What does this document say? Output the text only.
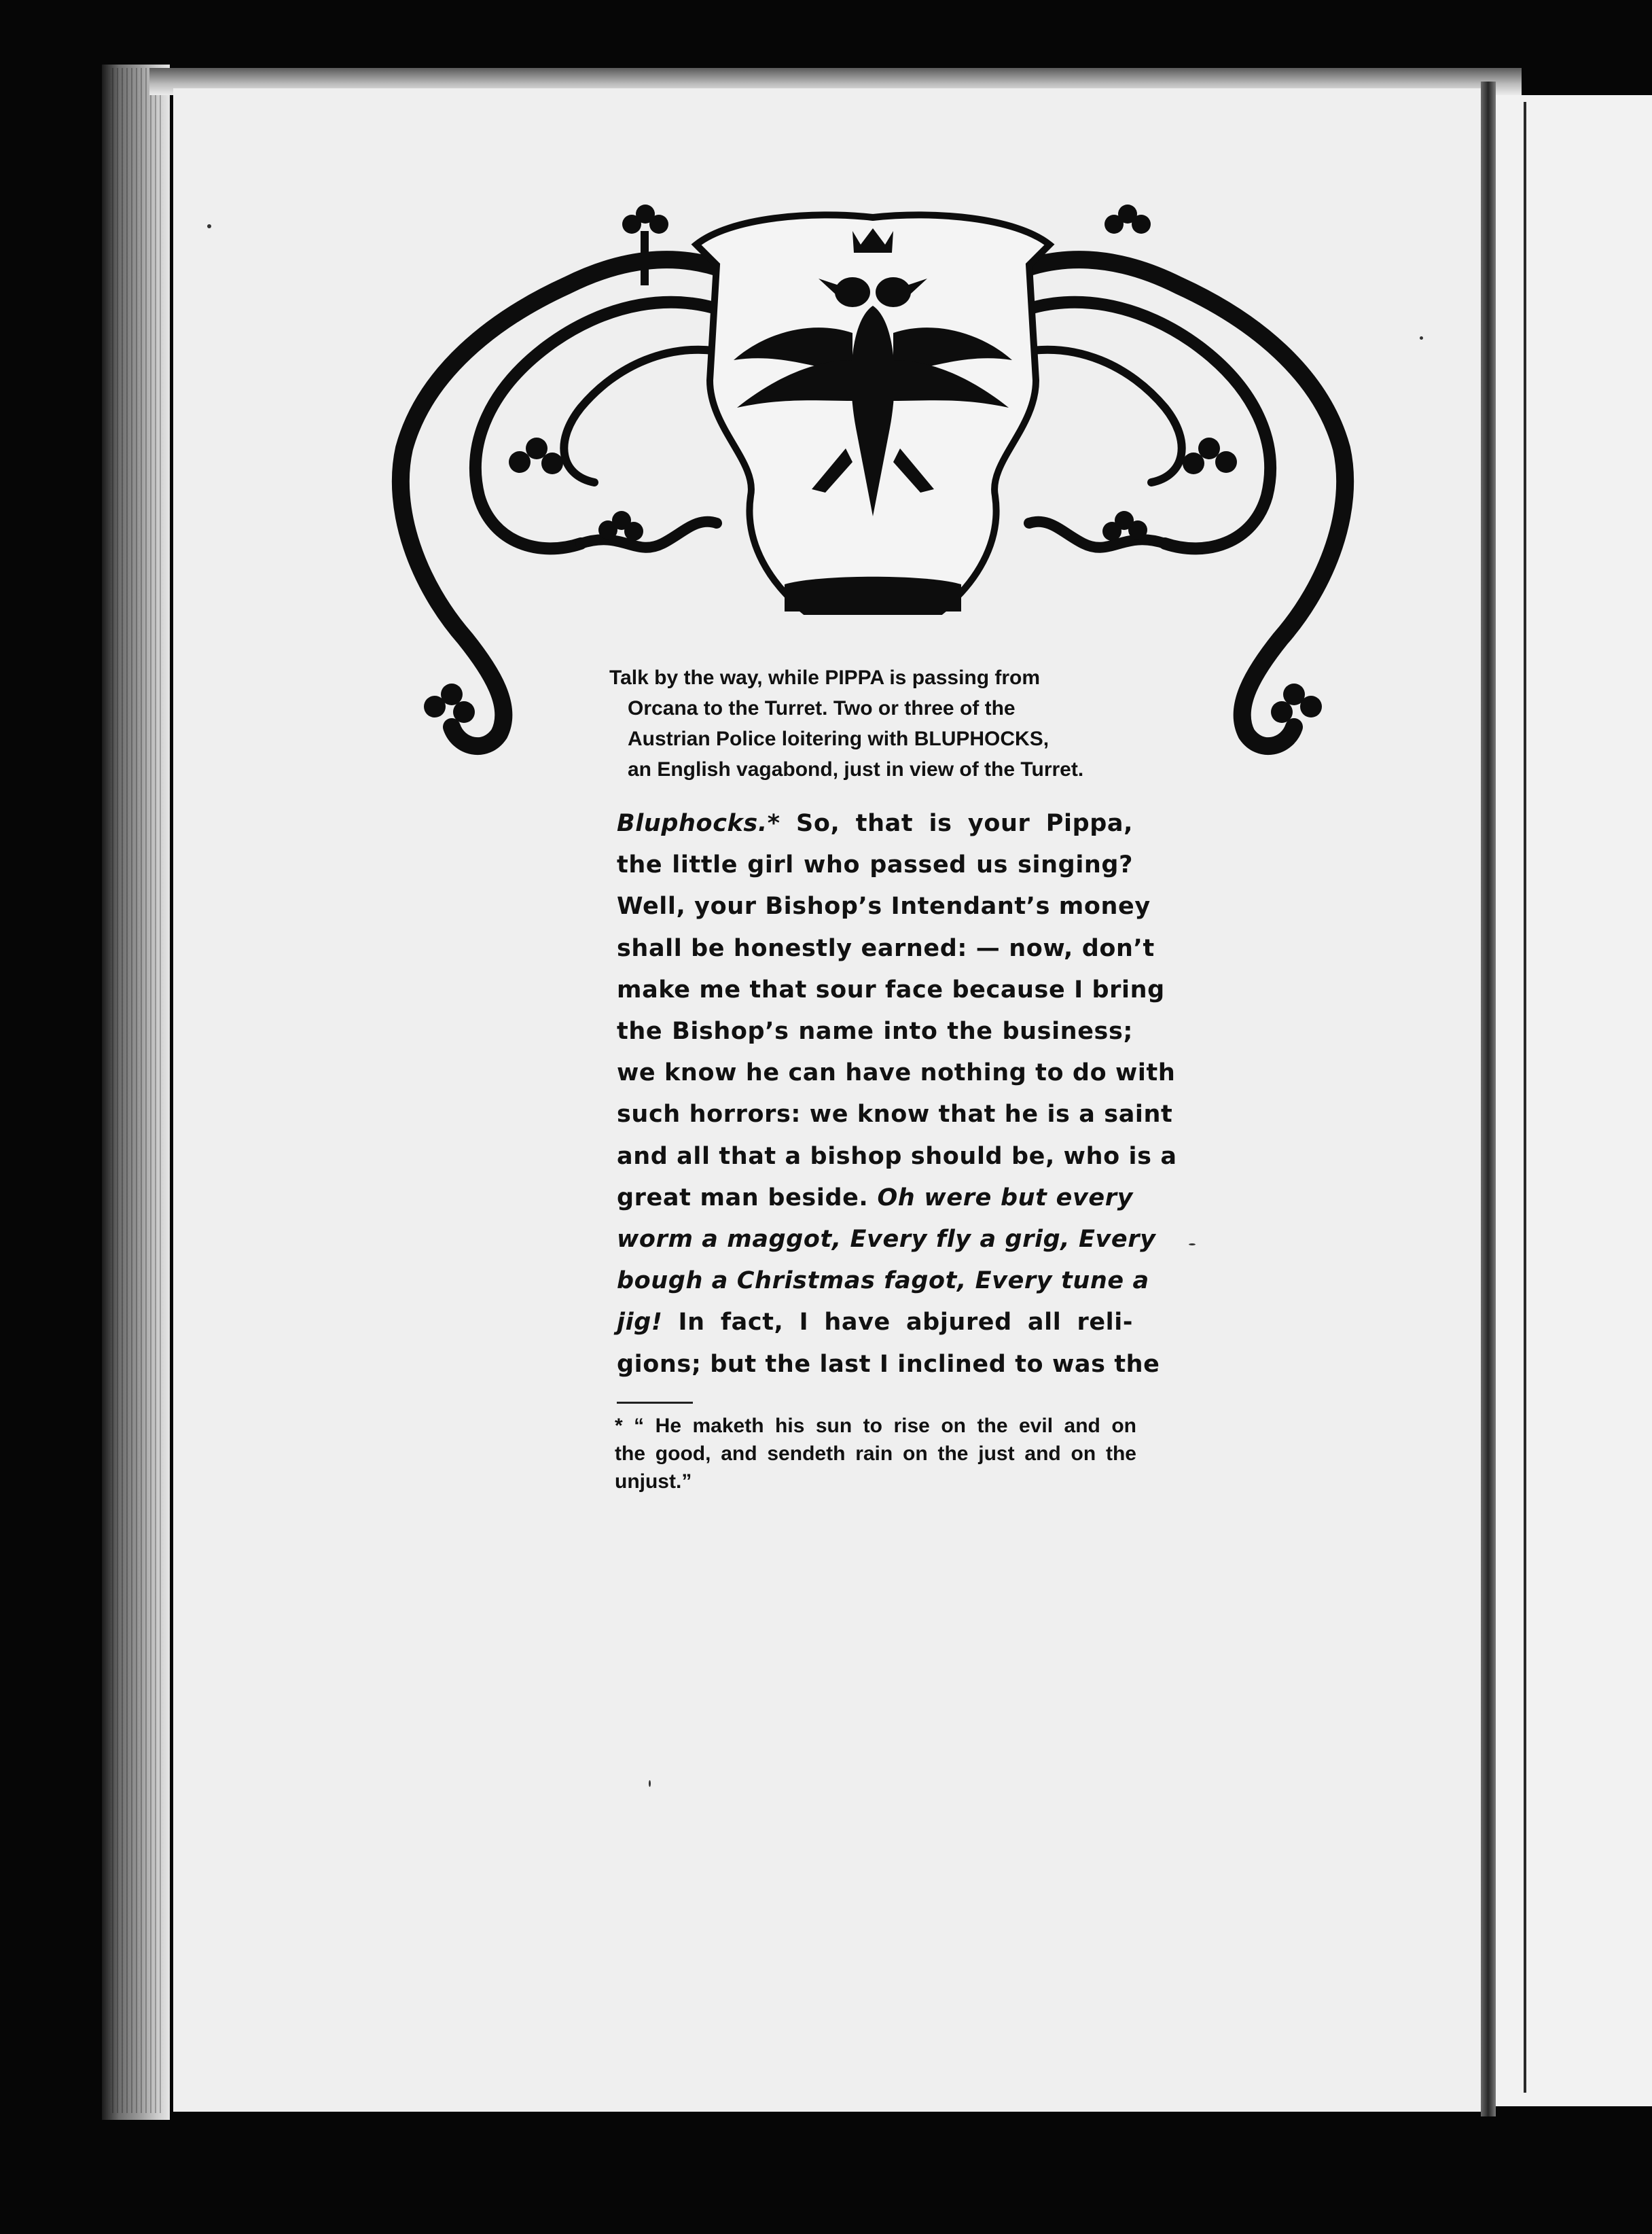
Talk by the way, while PIPPA is passing from
Orcana to the Turret. Two or three of the
Austrian Police loitering with BLUPHOCKS,
an English vagabond, just in view of the Turret.
Bluphocks.* So, that is your Pippa,
the little girl who passed us singing?
Well, your Bishop’s Intendant’s money
shall be honestly earned: — now, don’t
make me that sour face because I bring
the Bishop’s name into the business;
we know he can have nothing to do with
such horrors: we know that he is a saint
and all that a bishop should be, who is a
great man beside. Oh were but every
worm a maggot, Every fly a grig, Every
bough a Christmas fagot, Every tune a
jig! In fact, I have abjured all reli-
gions; but the last I inclined to was the
* “ He maketh his sun to rise on the evil and on
the good, and sendeth rain on the just and on the
unjust.”
